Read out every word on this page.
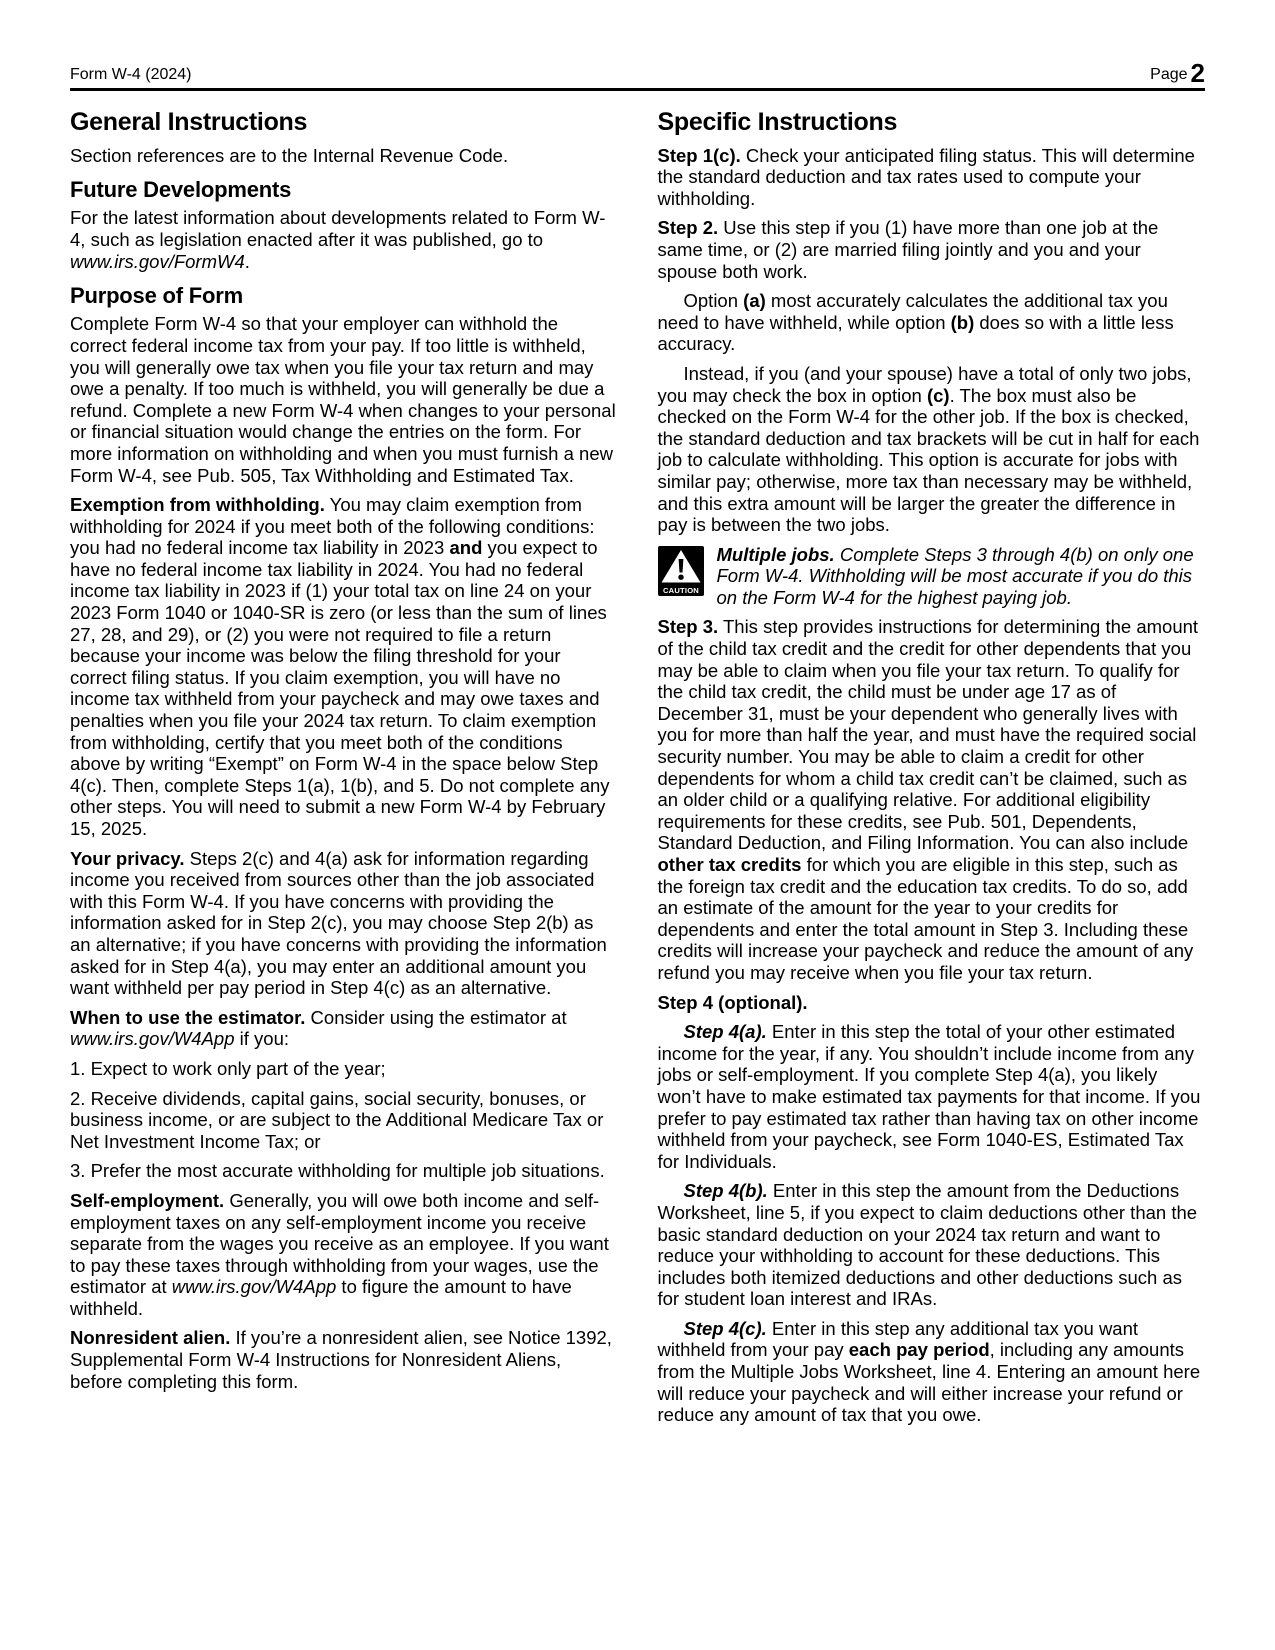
Form W-4 (2024)	Page 2
General Instructions

Section references are to the Internal Revenue Code.

Future Developments

For the latest information about developments related to Form W-4, such as legislation enacted after it was published, go to www.irs.gov/FormW4.

Purpose of Form

Complete Form W-4 so that your employer can withhold the correct federal income tax from your pay. If too little is withheld, you will generally owe tax when you file your tax return and may owe a penalty. If too much is withheld, you will generally be due a refund. Complete a new Form W-4 when changes to your personal or financial situation would change the entries on the form. For more information on withholding and when you must furnish a new Form W-4, see Pub. 505, Tax Withholding and Estimated Tax.

Exemption from withholding. You may claim exemption from withholding for 2024 if you meet both of the following conditions: you had no federal income tax liability in 2023 and you expect to have no federal income tax liability in 2024. You had no federal income tax liability in 2023 if (1) your total tax on line 24 on your 2023 Form 1040 or 1040-SR is zero (or less than the sum of lines 27, 28, and 29), or (2) you were not required to file a return because your income was below the filing threshold for your correct filing status. If you claim exemption, you will have no income tax withheld from your paycheck and may owe taxes and penalties when you file your 2024 tax return. To claim exemption from withholding, certify that you meet both of the conditions above by writing “Exempt” on Form W-4 in the space below Step 4(c). Then, complete Steps 1(a), 1(b), and 5. Do not complete any other steps. You will need to submit a new Form W-4 by February 15, 2025.

Your privacy. Steps 2(c) and 4(a) ask for information regarding income you received from sources other than the job associated with this Form W-4. If you have concerns with providing the information asked for in Step 2(c), you may choose Step 2(b) as an alternative; if you have concerns with providing the information asked for in Step 4(a), you may enter an additional amount you want withheld per pay period in Step 4(c) as an alternative.

When to use the estimator. Consider using the estimator at www.irs.gov/W4App if you:

1. Expect to work only part of the year;

2. Receive dividends, capital gains, social security, bonuses, or business income, or are subject to the Additional Medicare Tax or Net Investment Income Tax; or

3. Prefer the most accurate withholding for multiple job situations.

Self-employment. Generally, you will owe both income and self-employment taxes on any self-employment income you receive separate from the wages you receive as an employee. If you want to pay these taxes through withholding from your wages, use the estimator at www.irs.gov/W4App to figure the amount to have withheld.

Nonresident alien. If you’re a nonresident alien, see Notice 1392, Supplemental Form W-4 Instructions for Nonresident Aliens, before completing this form.

Specific Instructions

Step 1(c). Check your anticipated filing status. This will determine the standard deduction and tax rates used to compute your withholding.

Step 2. Use this step if you (1) have more than one job at the same time, or (2) are married filing jointly and you and your spouse both work.

Option (a) most accurately calculates the additional tax you need to have withheld, while option (b) does so with a little less accuracy.

Instead, if you (and your spouse) have a total of only two jobs, you may check the box in option (c). The box must also be checked on the Form W-4 for the other job. If the box is checked, the standard deduction and tax brackets will be cut in half for each job to calculate withholding. This option is accurate for jobs with similar pay; otherwise, more tax than necessary may be withheld, and this extra amount will be larger the greater the difference in pay is between the two jobs.

CAUTION
Multiple jobs. Complete Steps 3 through 4(b) on only one Form W-4. Withholding will be most accurate if you do this on the Form W-4 for the highest paying job.

Step 3. This step provides instructions for determining the amount of the child tax credit and the credit for other dependents that you may be able to claim when you file your tax return. To qualify for the child tax credit, the child must be under age 17 as of December 31, must be your dependent who generally lives with you for more than half the year, and must have the required social security number. You may be able to claim a credit for other dependents for whom a child tax credit can’t be claimed, such as an older child or a qualifying relative. For additional eligibility requirements for these credits, see Pub. 501, Dependents, Standard Deduction, and Filing Information. You can also include other tax credits for which you are eligible in this step, such as the foreign tax credit and the education tax credits. To do so, add an estimate of the amount for the year to your credits for dependents and enter the total amount in Step 3. Including these credits will increase your paycheck and reduce the amount of any refund you may receive when you file your tax return.

Step 4 (optional).

Step 4(a). Enter in this step the total of your other estimated income for the year, if any. You shouldn’t include income from any jobs or self-employment. If you complete Step 4(a), you likely won’t have to make estimated tax payments for that income. If you prefer to pay estimated tax rather than having tax on other income withheld from your paycheck, see Form 1040-ES, Estimated Tax for Individuals.

Step 4(b). Enter in this step the amount from the Deductions Worksheet, line 5, if you expect to claim deductions other than the basic standard deduction on your 2024 tax return and want to reduce your withholding to account for these deductions. This includes both itemized deductions and other deductions such as for student loan interest and IRAs.

Step 4(c). Enter in this step any additional tax you want withheld from your pay each pay period, including any amounts from the Multiple Jobs Worksheet, line 4. Entering an amount here will reduce your paycheck and will either increase your refund or reduce any amount of tax that you owe.
